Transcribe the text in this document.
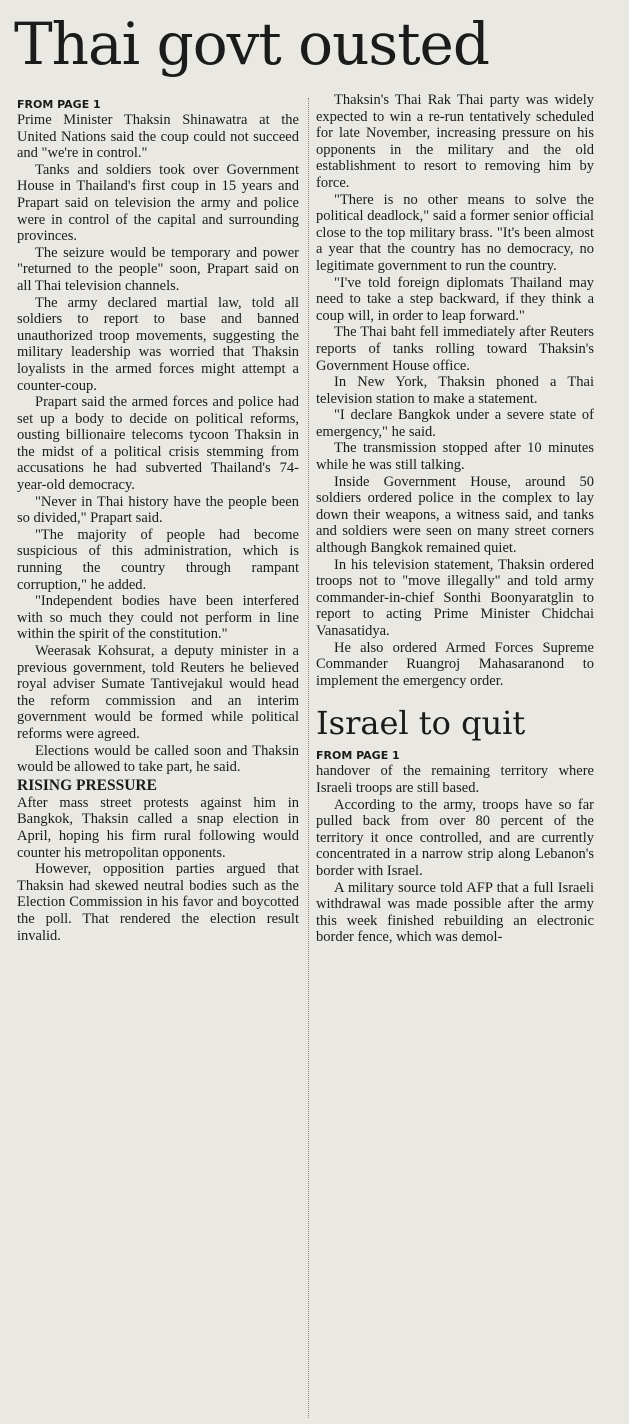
Thai govt ousted
FROM PAGE 1

Prime Minister Thaksin Shinawatra at the United Nations said the coup could not succeed and "we're in control."

Tanks and soldiers took over Government House in Thailand's first coup in 15 years and Prapart said on television the army and police were in control of the capital and surrounding provinces.

The seizure would be temporary and power "returned to the people" soon, Prapart said on all Thai television channels.

The army declared martial law, told all soldiers to report to base and banned unauthorized troop movements, suggesting the military leadership was worried that Thaksin loyalists in the armed forces might attempt a counter-coup.

Prapart said the armed forces and police had set up a body to decide on political reforms, ousting billionaire telecoms tycoon Thaksin in the midst of a political crisis stemming from accusations he had subverted Thailand's 74-year-old democracy.

"Never in Thai history have the people been so divided," Prapart said.

"The majority of people had become suspicious of this administration, which is running the country through rampant corruption," he added.

"Independent bodies have been interfered with so much they could not perform in line within the spirit of the constitution."

Weerasak Kohsurat, a deputy minister in a previous government, told Reuters he believed royal adviser Sumate Tantivejakul would head the reform commission and an interim government would be formed while political reforms were agreed.

Elections would be called soon and Thaksin would be allowed to take part, he said.

RISING PRESSURE

After mass street protests against him in Bangkok, Thaksin called a snap election in April, hoping his firm rural following would counter his metropolitan opponents.

However, opposition parties argued that Thaksin had skewed neutral bodies such as the Election Commission in his favor and boycotted the poll. That rendered the election result invalid.

Thaksin's Thai Rak Thai party was widely expected to win a re-run tentatively scheduled for late November, increasing pressure on his opponents in the military and the old establishment to resort to removing him by force.

"There is no other means to solve the political deadlock," said a former senior official close to the top military brass. "It's been almost a year that the country has no democracy, no legitimate government to run the country.

"I've told foreign diplomats Thailand may need to take a step backward, if they think a coup will, in order to leap forward."

The Thai baht fell immediately after Reuters reports of tanks rolling toward Thaksin's Government House office.

In New York, Thaksin phoned a Thai television station to make a statement.

"I declare Bangkok under a severe state of emergency," he said.

The transmission stopped after 10 minutes while he was still talking.

Inside Government House, around 50 soldiers ordered police in the complex to lay down their weapons, a witness said, and tanks and soldiers were seen on many street corners although Bangkok remained quiet.

In his television statement, Thaksin ordered troops not to "move illegally" and told army commander-in-chief Sonthi Boonyaratglin to report to acting Prime Minister Chidchai Vanasatidya.

He also ordered Armed Forces Supreme Commander Ruangroj Mahasaranond to implement the emergency order.

Israel to quit
FROM PAGE 1

handover of the remaining territory where Israeli troops are still based.

According to the army, troops have so far pulled back from over 80 percent of the territory it once controlled, and are currently concentrated in a narrow strip along Lebanon's border with Israel.

A military source told AFP that a full Israeli withdrawal was made possible after the army this week finished rebuilding an electronic border fence, which was demol-
